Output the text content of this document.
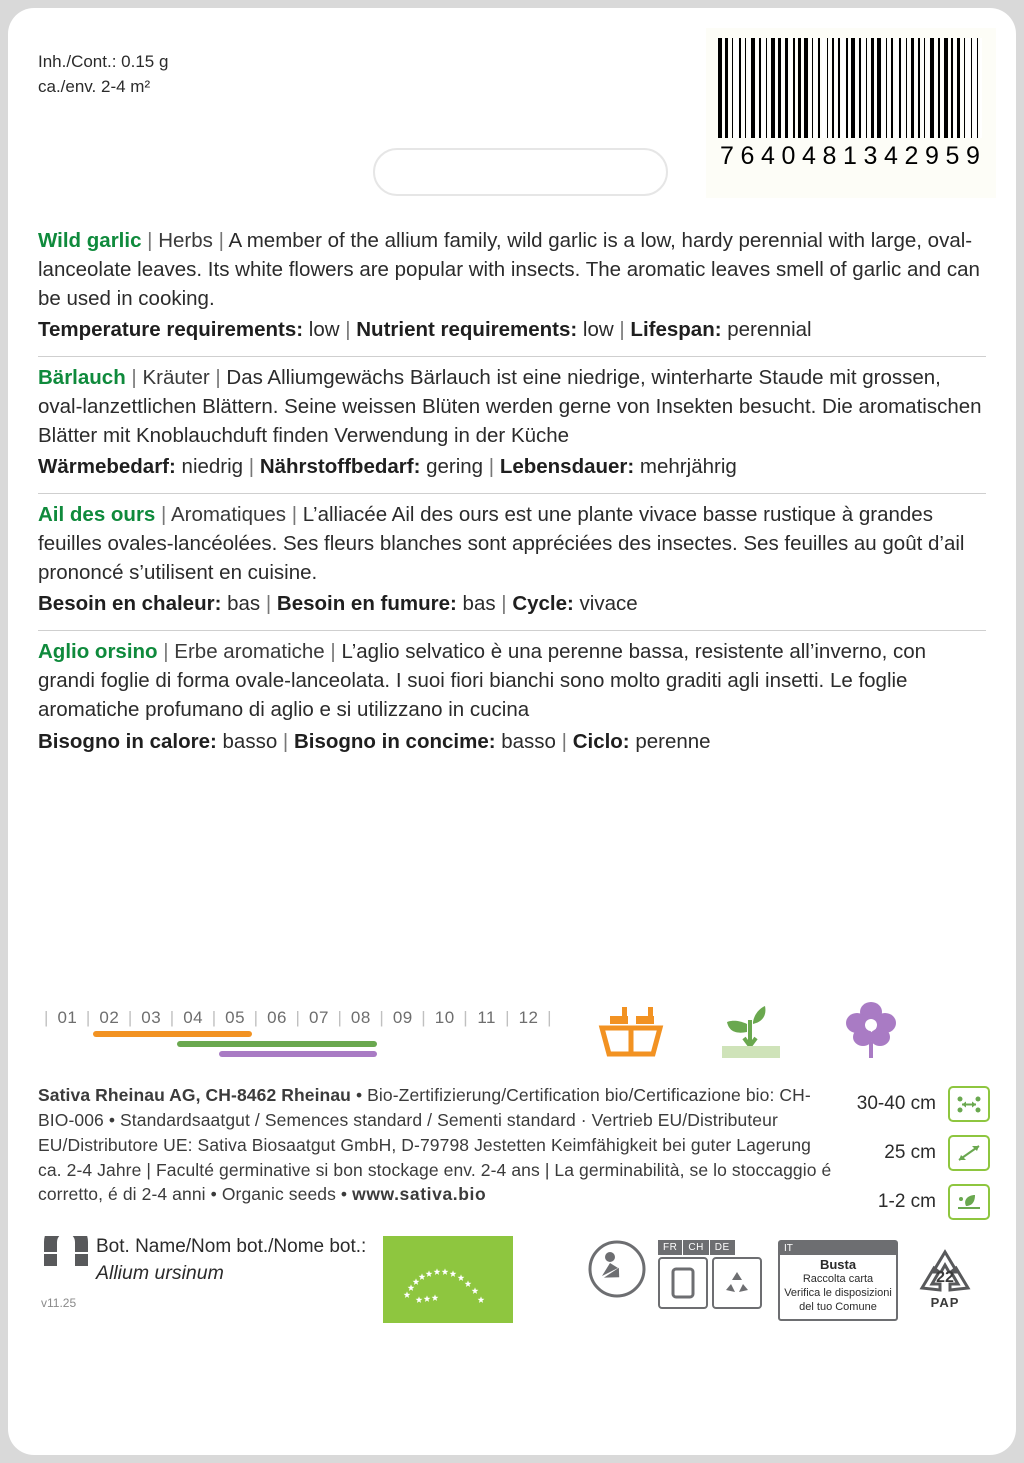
Inh./Cont.: 0.15 g
ca./env. 2-4 m²
7 6 4 0 4 8 1 3 4 2 9 5 9
Wild garlic | Herbs | A member of the allium family, wild garlic is a low, hardy perennial with large, oval-lanceolate leaves. Its white flowers are popular with insects. The aromatic leaves smell of garlic and can be used in cooking.
Temperature requirements: low | Nutrient requirements: low | Lifespan: perennial
Bärlauch | Kräuter | Das Alliumgewächs Bärlauch ist eine niedrige, winterharte Staude mit grossen, oval-lanzettlichen Blättern. Seine weissen Blüten werden gerne von Insekten besucht. Die aromatischen Blätter mit Knoblauchduft finden Verwendung in der Küche
Wärmebedarf: niedrig | Nährstoffbedarf: gering | Lebensdauer: mehrjährig
Ail des ours | Aromatiques | L’alliacée Ail des ours est une plante vivace basse rustique à grandes feuilles ovales-lancéolées. Ses fleurs blanches sont appréciées des insectes. Ses feuilles au goût d’ail prononcé s’utilisent en cuisine.
Besoin en chaleur: bas | Besoin en fumure: bas | Cycle: vivace
Aglio orsino | Erbe aromatiche | L’aglio selvatico è una perenne bassa, resistente all’inverno, con grandi foglie di forma ovale-lanceolata. I suoi fiori bianchi sono molto graditi agli insetti. Le foglie aromatiche profumano di aglio e si utilizzano in cucina
Bisogno in calore: basso | Bisogno in concime: basso | Ciclo: perenne
| 01 | 02 | 03 | 04 | 05 | 06 | 07 | 08 | 09 | 10 | 11 | 12 |
Sativa Rheinau AG, CH-8462 Rheinau • Bio-Zertifizierung/Certification bio/Certificazione bio: CH-BIO-006 • Standardsaatgut / Semences standard / Sementi standard · Vertrieb EU/Distributeur EU/Distributore UE: Sativa Biosaatgut GmbH, D-79798 Jestetten Keimfähigkeit bei guter Lagerung ca. 2-4 Jahre | Faculté germinative si bon stockage env. 2-4 ans | La germinabilità, se lo stoccaggio é corretto, é di 2-4 anni • Organic seeds • www.sativa.bio
30-40 cm
25 cm
1-2 cm
Bot. Name/Nom bot./Nome bot.:
Allium ursinum
v11.25
FR	CH	DE	IT
Busta
Raccolta carta
Verifica le disposizioni
del tuo Comune
22
PAP
